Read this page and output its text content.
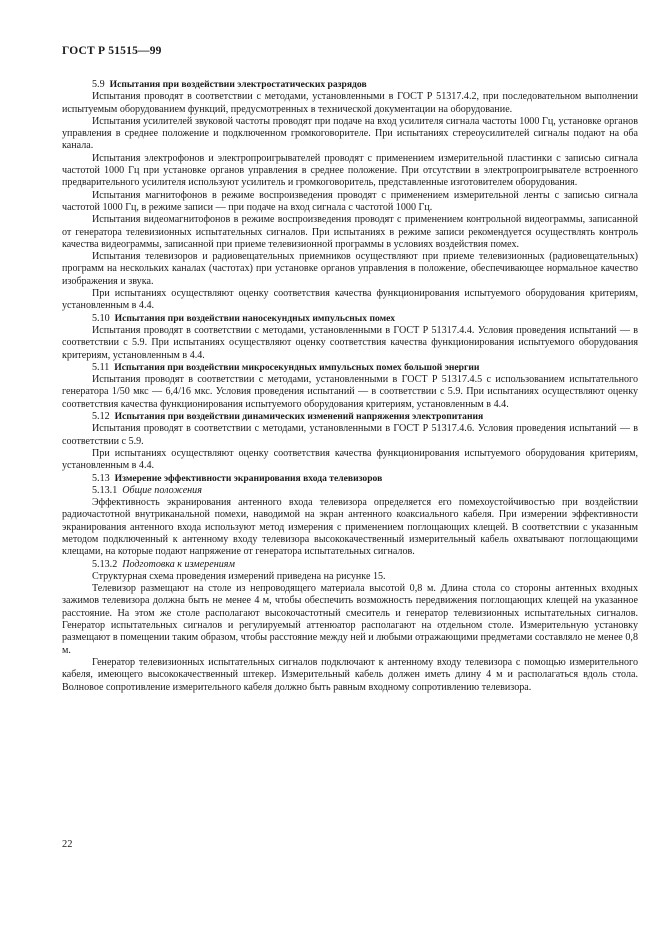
ГОСТ Р 51515—99

5.9 Испытания при воздействии электростатических разрядов

Испытания проводят в соответствии с методами, установленными в ГОСТ Р 51317.4.2, при последовательном выполнении испытуемым оборудованием функций, предусмотренных в технической документации на оборудование.

Испытания усилителей звуковой частоты проводят при подаче на вход усилителя сигнала частоты 1000 Гц, установке органов управления в среднее положение и подключенном громкоговорителе. При испытаниях стереоусилителей сигналы подают на оба канала.

Испытания электрофонов и электропроигрывателей проводят с применением измерительной пластинки с записью сигнала частотой 1000 Гц при установке органов управления в среднее положение. При отсутствии в электропроигрывателе встроенного предварительного усилителя используют усилитель и громкоговоритель, представленные изготовителем оборудования.

Испытания магнитофонов в режиме воспроизведения проводят с применением измерительной ленты с записью сигнала частотой 1000 Гц, в режиме записи — при подаче на вход сигнала с частотой 1000 Гц.

Испытания видеомагнитофонов в режиме воспроизведения проводят с применением контрольной видеограммы, записанной от генератора телевизионных испытательных сигналов. При испытаниях в режиме записи рекомендуется осуществлять контроль качества видеограммы, записанной при приеме телевизионной программы в условиях воздействия помех.

Испытания телевизоров и радиовещательных приемников осуществляют при приеме телевизионных (радиовещательных) программ на нескольких каналах (частотах) при установке органов управления в положение, обеспечивающее нормальное качество изображения и звука.

При испытаниях осуществляют оценку соответствия качества функционирования испытуемого оборудования критериям, установленным в 4.4.

5.10 Испытания при воздействии наносекундных импульсных помех

Испытания проводят в соответствии с методами, установленными в ГОСТ Р 51317.4.4. Условия проведения испытаний — в соответствии с 5.9. При испытаниях осуществляют оценку соответствия качества функционирования испытуемого оборудования критериям, установленным в 4.4.

5.11 Испытания при воздействии микросекундных импульсных помех большой энергии

Испытания проводят в соответствии с методами, установленными в ГОСТ Р 51317.4.5 с использованием испытательного генератора 1/50 мкс — 6,4/16 мкс. Условия проведения испытаний — в соответствии с 5.9. При испытаниях осуществляют оценку соответствия качества функционирования испытуемого оборудования критериям, установленным в 4.4.

5.12 Испытания при воздействии динамических изменений напряжения электропитания

Испытания проводят в соответствии с методами, установленными в ГОСТ Р 51317.4.6. Условия проведения испытаний — в соответствии с 5.9.

При испытаниях осуществляют оценку соответствия качества функционирования испытуемого оборудования критериям, установленным в 4.4.

5.13 Измерение эффективности экранирования входа телевизоров

5.13.1 Общие положения

Эффективность экранирования антенного входа телевизора определяется его помехоустойчивостью при воздействии радиочастотной внутриканальной помехи, наводимой на экран антенного коаксиального кабеля. При измерении эффективности экранирования антенного входа используют метод измерения с применением поглощающих клещей. В соответствии с указанным методом подключенный к антенному входу телевизора высококачественный измерительный кабель охватывают поглощающими клещами, на которые подают напряжение от генератора испытательных сигналов.

5.13.2 Подготовка к измерениям

Структурная схема проведения измерений приведена на рисунке 15.

Телевизор размещают на столе из непроводящего материала высотой 0,8 м. Длина стола со стороны антенных входных зажимов телевизора должна быть не менее 4 м, чтобы обеспечить возможность передвижения поглощающих клещей на указанное расстояние. На этом же столе располагают высокочастотный смеситель и генератор телевизионных испытательных сигналов. Генератор испытательных сигналов и регулируемый аттенюатор располагают на отдельном столе. Измерительную установку размещают в помещении таким образом, чтобы расстояние между ней и любыми отражающими предметами составляло не менее 0,8 м.

Генератор телевизионных испытательных сигналов подключают к антенному входу телевизора с помощью измерительного кабеля, имеющего высококачественный штекер. Измерительный кабель должен иметь длину 4 м и располагаться вдоль стола. Волновое сопротивление измерительного кабеля должно быть равным входному сопротивлению телевизора.

22
